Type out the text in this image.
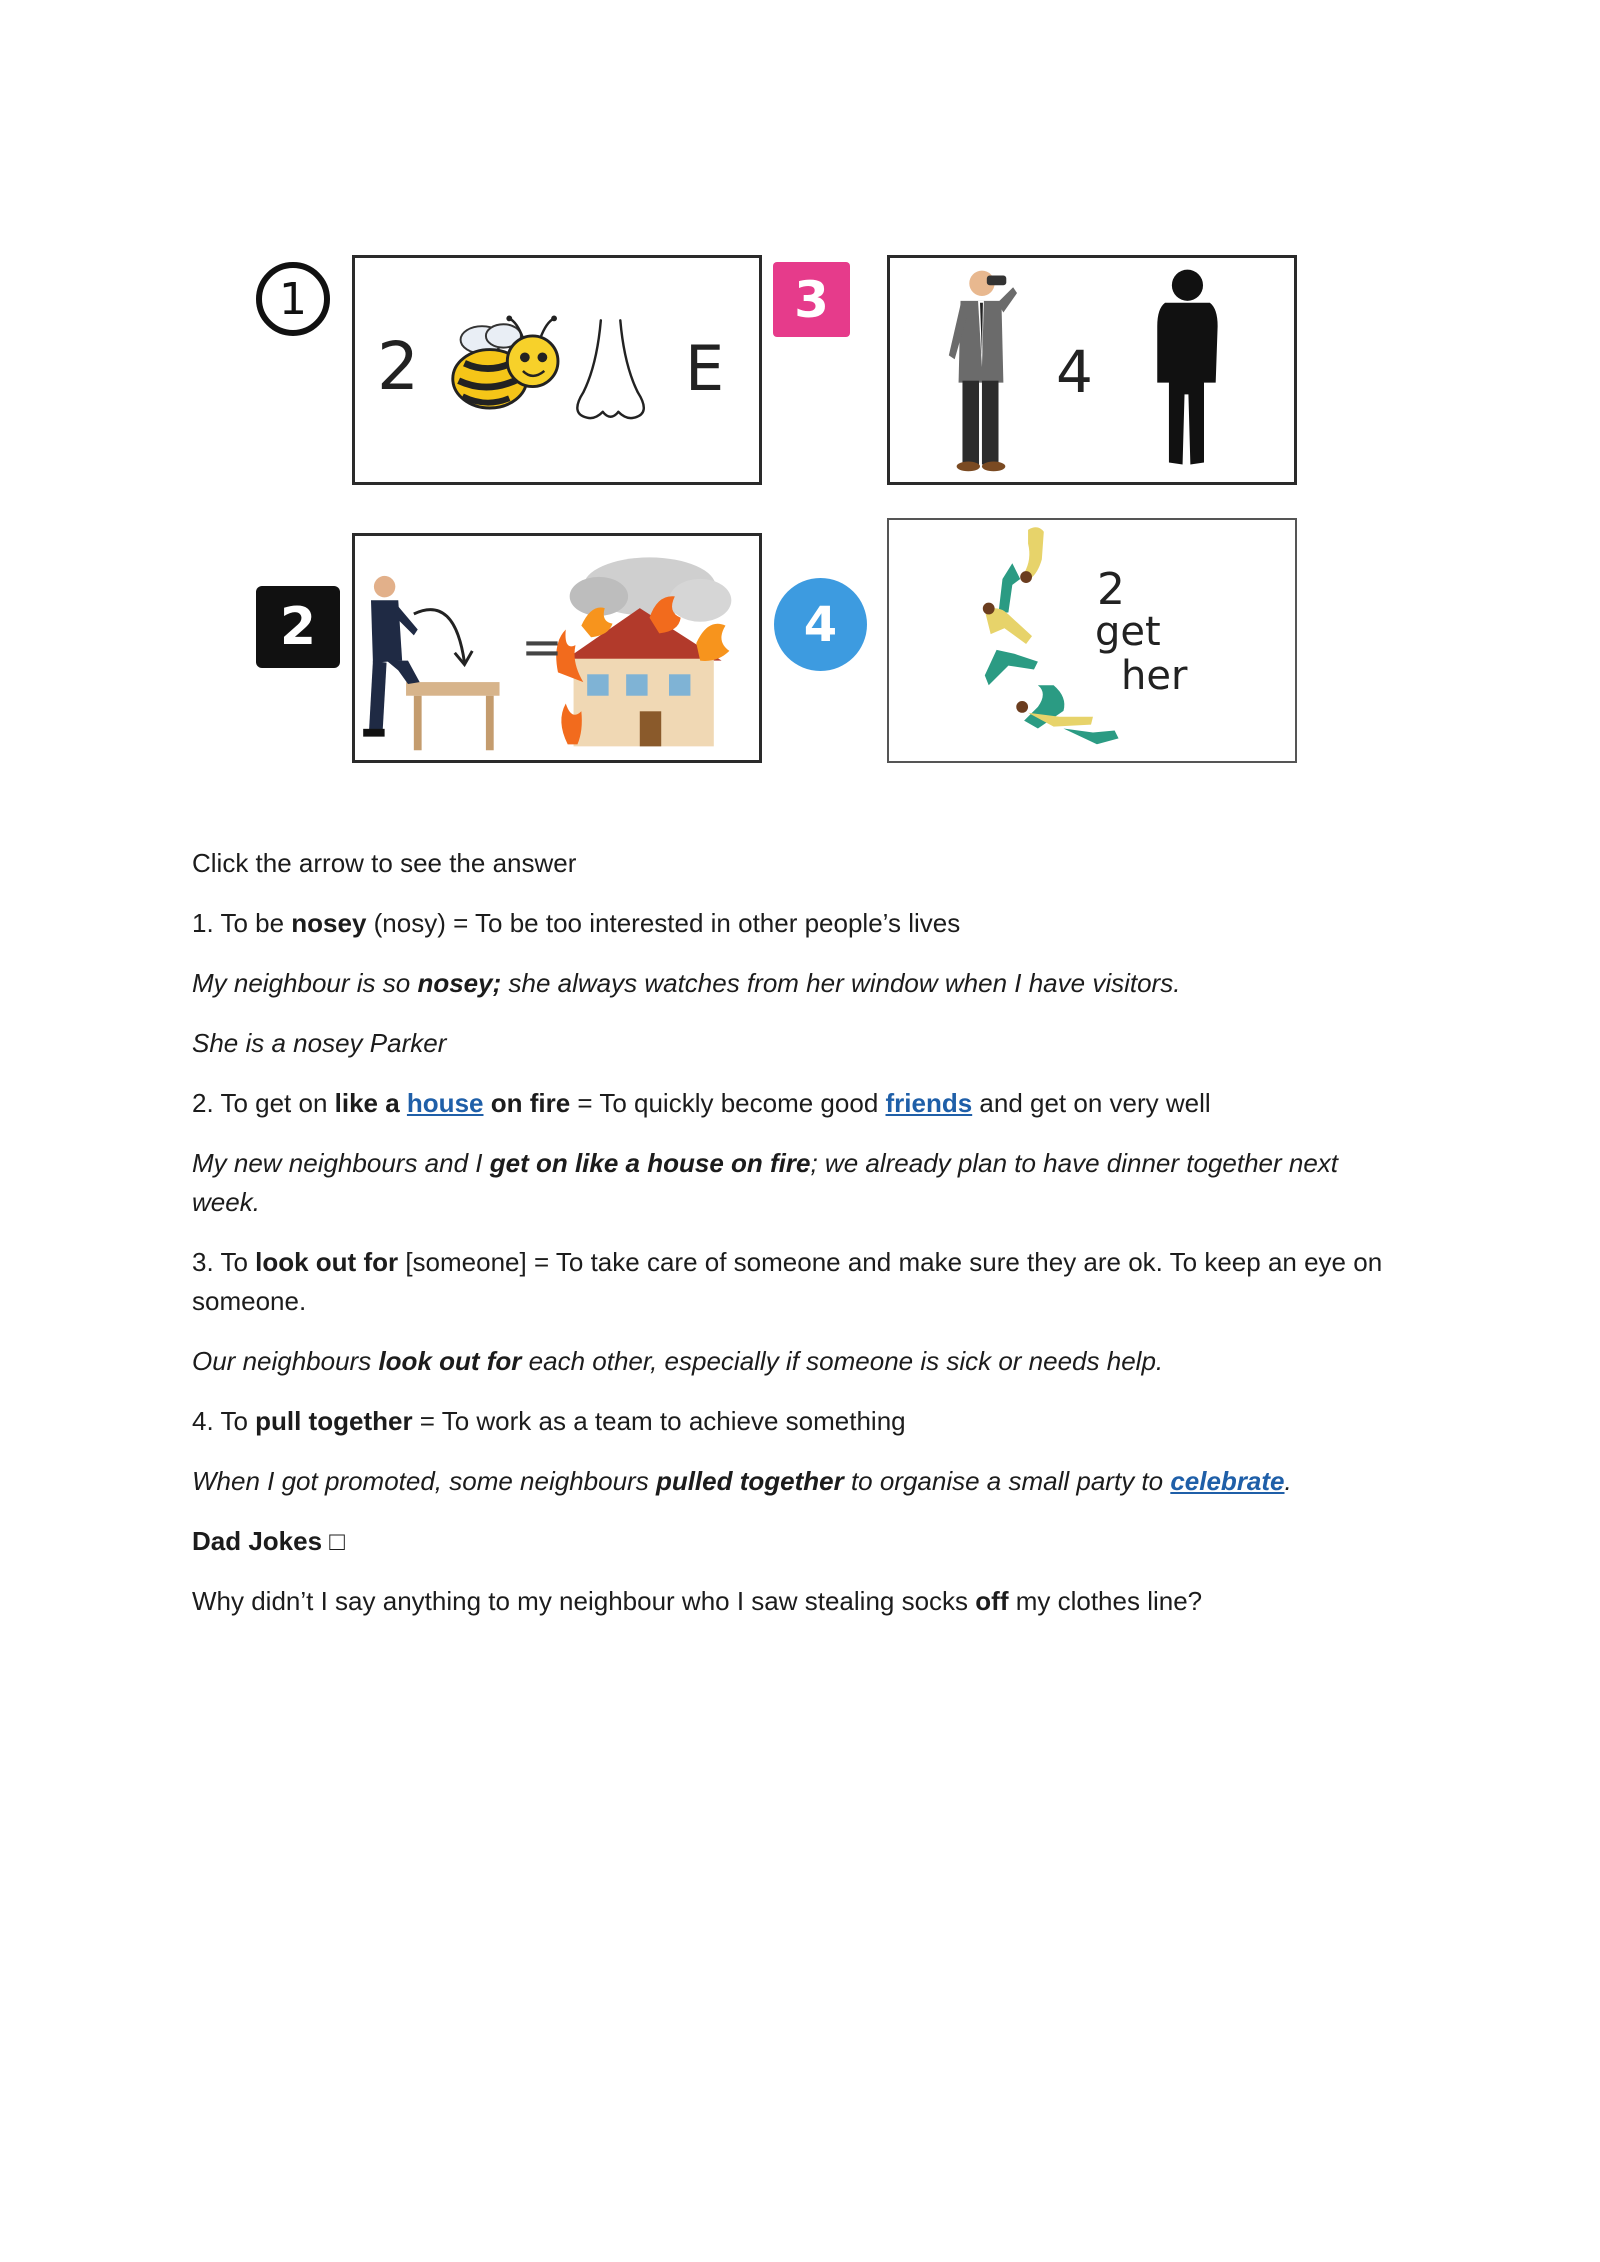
1
2
3
4
2	E	4
=
2
get
her

Click the arrow to see the answer

1. To be nosey (nosy) = To be too interested in other people’s lives

My neighbour is so nosey; she always watches from her window when I have visitors.

She is a nosey Parker

2. To get on like a house on fire = To quickly become good friends and get on very well

My new neighbours and I get on like a house on fire; we already plan to have dinner together next week.

3. To look out for [someone] = To take care of someone and make sure they are ok. To keep an eye on someone.

Our neighbours look out for each other, especially if someone is sick or needs help.

4. To pull together = To work as a team to achieve something

When I got promoted, some neighbours pulled together to organise a small party to celebrate.

Dad Jokes □

Why didn’t I say anything to my neighbour who I saw stealing socks off my clothes line?
